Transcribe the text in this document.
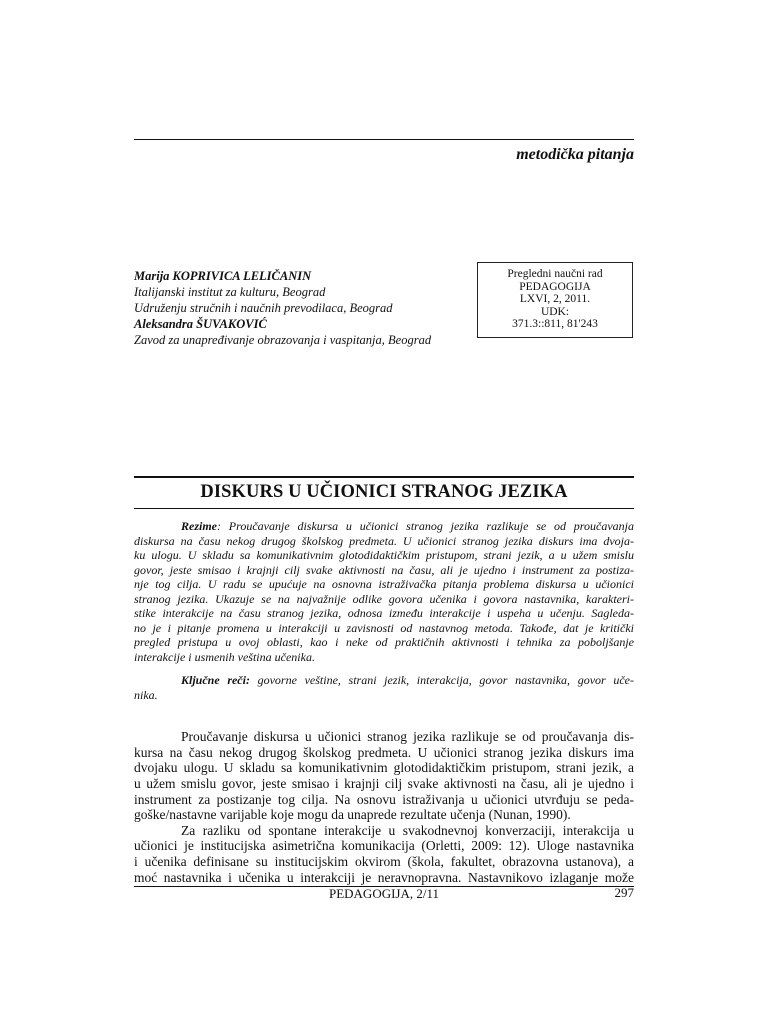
metodička pitanja
Marija KOPRIVICA LELIČANIN
Italijanski institut za kulturu, Beograd
Udruženju stručnih i naučnih prevodilaca, Beograd
Aleksandra ŠUVAKOVIĆ
Zavod za unapređivanje obrazovanja i vaspitanja, Beograd
Pregledni naučni rad
PEDAGOGIJA
LXVI, 2, 2011.
UDK:
371.3::811, 81'243
DISKURS U UČIONICI STRANOG JEZIKA
Rezime: Proučavanje diskursa u učionici stranog jezika razlikuje se od proučavanja
diskursa na času nekog drugog školskog predmeta. U učionici stranog jezika diskurs ima dvoja-
ku ulogu. U skladu sa komunikativnim glotodidaktičkim pristupom, strani jezik, a u užem smislu
govor, jeste smisao i krajnji cilj svake aktivnosti na času, ali je ujedno i instrument za postiza-
nje tog cilja. U radu se upućuje na osnovna istraživačka pitanja problema diskursa u učionici
stranog jezika. Ukazuje se na najvažnije odlike govora učenika i govora nastavnika, karakteri-
stike interakcije na času stranog jezika, odnosa između interakcije i uspeha u učenju. Sagleda-
no je i pitanje promena u interakciji u zavisnosti od nastavnog metoda. Takođe, dat je kritički
pregled pristupa u ovoj oblasti, kao i neke od praktičnih aktivnosti i tehnika za poboljšanje
interakcije i usmenih veština učenika.
Ključne reči: govorne veštine, strani jezik, interakcija, govor nastavnika, govor uče-
nika.
Proučavanje diskursa u učionici stranog jezika razlikuje se od proučavanja dis-
kursa na času nekog drugog školskog predmeta. U učionici stranog jezika diskurs ima
dvojaku ulogu. U skladu sa komunikativnim glotodidaktičkim pristupom, strani jezik, a
u užem smislu govor, jeste smisao i krajnji cilj svake aktivnosti na času, ali je ujedno i
instrument za postizanje tog cilja. Na osnovu istraživanja u učionici utvrđuju se peda-
goške/nastavne varijable koje mogu da unaprede rezultate učenja (Nunan, 1990).
Za razliku od spontane interakcije u svakodnevnoj konverzaciji, interakcija u
učionici je institucijska asimetrična komunikacija (Orletti, 2009: 12). Uloge nastavnika
i učenika definisane su institucijskim okvirom (škola, fakultet, obrazovna ustanova), a
moć nastavnika i učenika u interakciji je neravnopravna. Nastavnikovo izlaganje može
PEDAGOGIJA, 2/11	297
